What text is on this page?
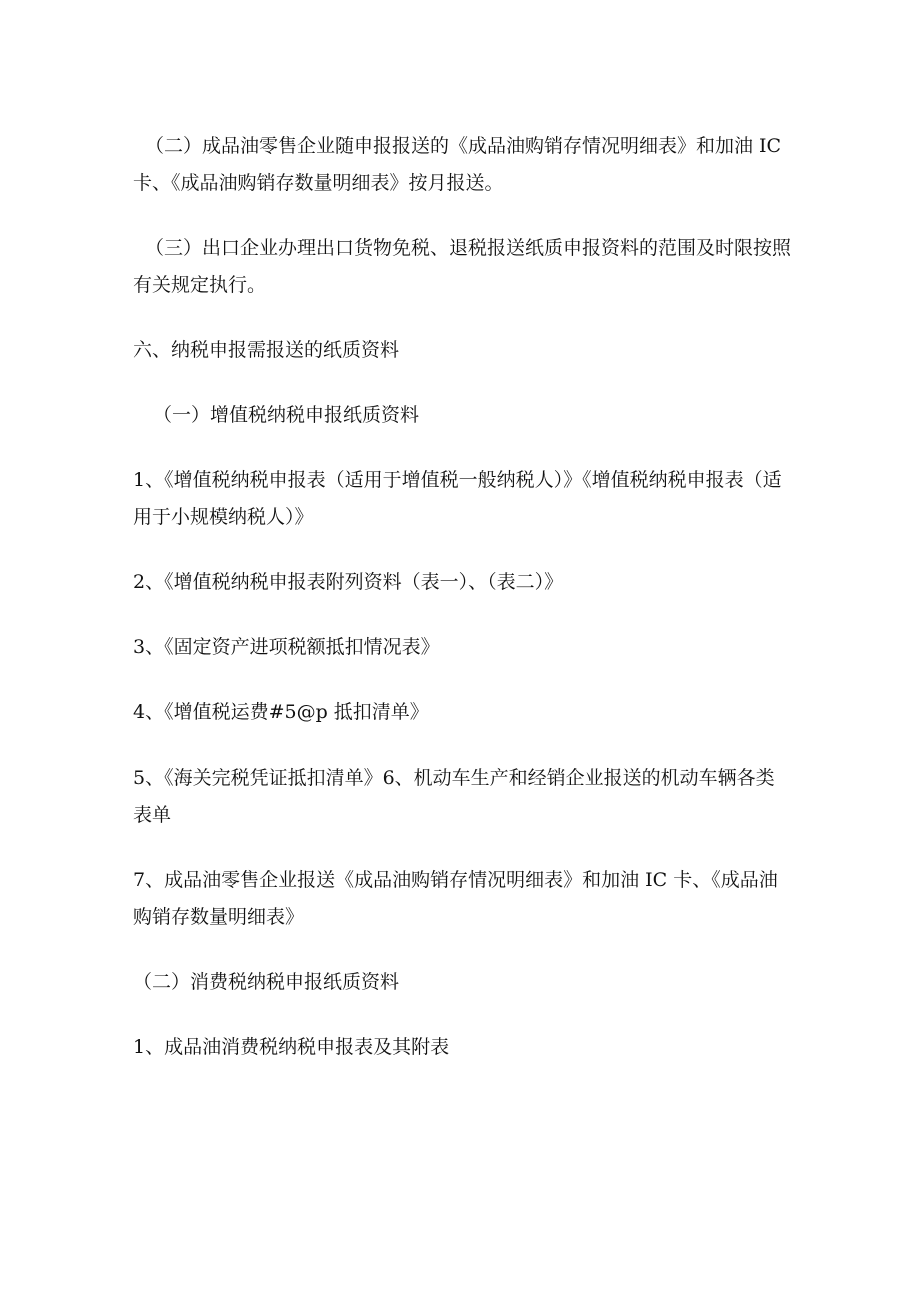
（二）成品油零售企业随申报报送的《成品油购销存情况明细表》和加油 IC 卡、《成品油购销存数量明细表》按月报送。

（三）出口企业办理出口货物免税、退税报送纸质申报资料的范围及时限按照有关规定执行。

六、纳税申报需报送的纸质资料

（一）增值税纳税申报纸质资料

1、《增值税纳税申报表（适用于增值税一般纳税人）》《增值税纳税申报表（适用于小规模纳税人）》

2、《增值税纳税申报表附列资料（表一）、（表二）》

3、《固定资产进项税额抵扣情况表》

4、《增值税运费#5@p 抵扣清单》

5、《海关完税凭证抵扣清单》6、机动车生产和经销企业报送的机动车辆各类表单

7、成品油零售企业报送《成品油购销存情况明细表》和加油 IC 卡、《成品油购销存数量明细表》

（二）消费税纳税申报纸质资料

1、成品油消费税纳税申报表及其附表
